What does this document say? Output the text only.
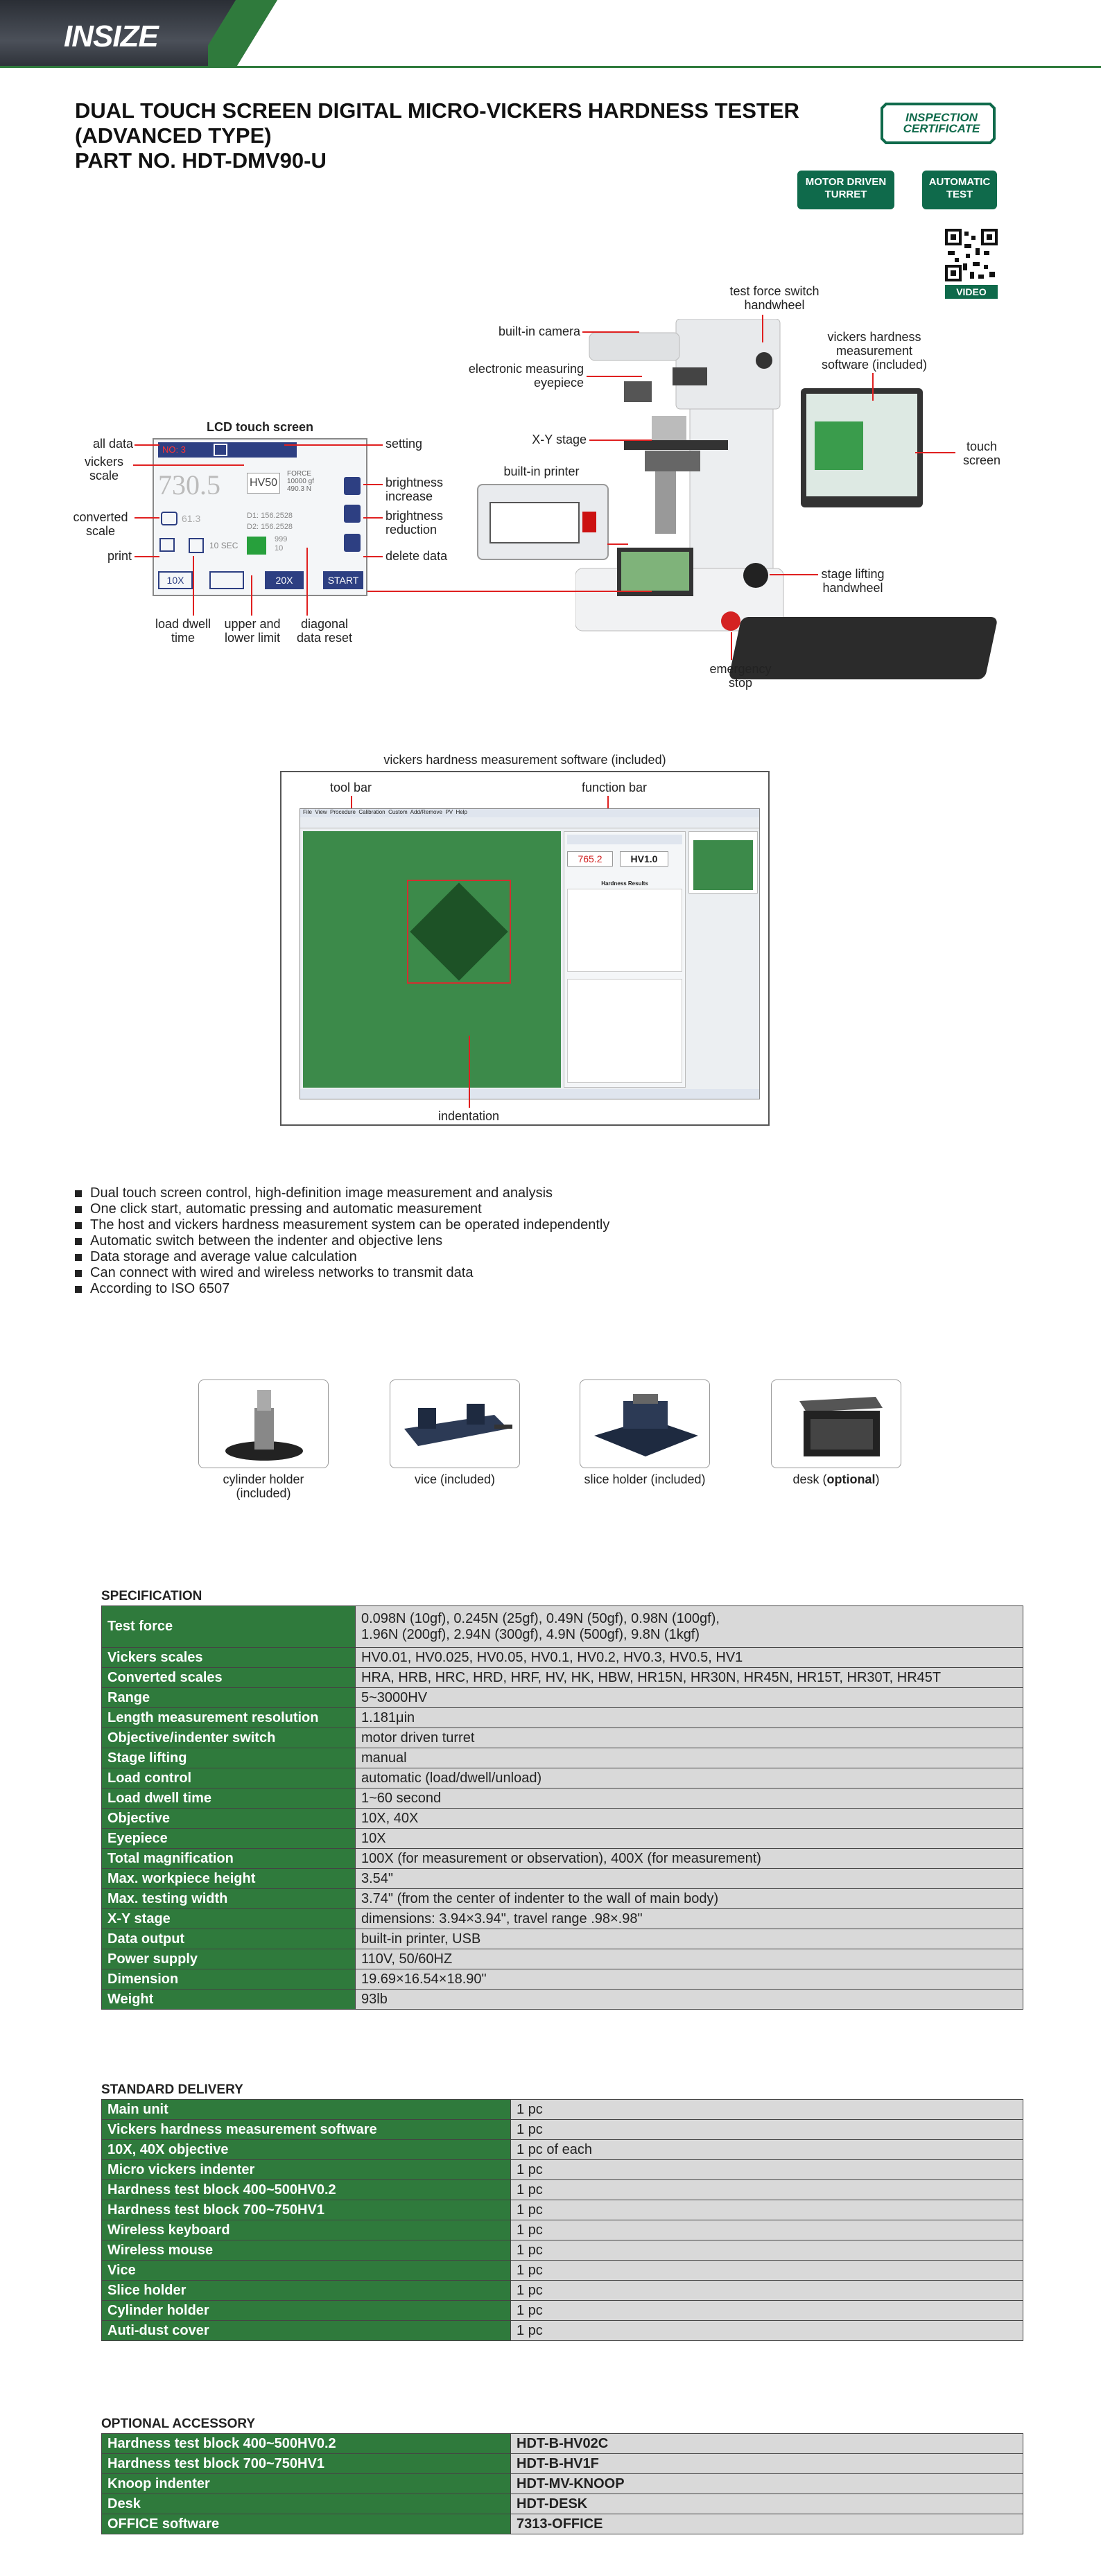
INSIZE
DUAL TOUCH SCREEN DIGITAL MICRO-VICKERS HARDNESS TESTER
(ADVANCED TYPE)
PART NO. HDT-DMV90-U
INSPECTION
CERTIFICATE
MOTOR DRIVEN
TURRET
AUTOMATIC
TEST
VIDEO
test force switch handwheel
built-in camera	vickers hardness measurement software (included)
electronic measuring eyepiece
X-Y stage	touch screen
built-in printer
stage lifting handwheel
emergency stop
LCD touch screen
NO: 3
730.5	HV50
FORCE
10000 gf
490.3 N
61.3	D1: 156.2528
D2: 156.2528
10 SEC
999
10
10X	20X	START
all data
vickers scale
converted scale
print
setting
brightness increase
brightness reduction
delete data
load dwell time
upper and lower limit
diagonal data reset
vickers hardness measurement software (included)
tool bar	function bar
File View Procedure Calibration Custom Add/Remove PV Help
765.2	HV1.0
Hardness Results
indentation
Dual touch screen control, high-definition image measurement and analysis
One click start, automatic pressing and automatic measurement
The host and vickers hardness measurement system can be operated independently
Automatic switch between the indenter and objective lens
Data storage and average value calculation
Can connect with wired and wireless networks to transmit data
According to ISO 6507
cylinder holder
(included)
vice (included)	slice holder (included)	desk (optional)
SPECIFICATION
Test force	0.098N (10gf), 0.245N (25gf), 0.49N (50gf), 0.98N (100gf),
1.96N (200gf), 2.94N (300gf), 4.9N (500gf), 9.8N (1kgf)

Vickers scales	HV0.01, HV0.025, HV0.05, HV0.1, HV0.2, HV0.3, HV0.5, HV1
Converted scales	HRA, HRB, HRC, HRD, HRF, HV, HK, HBW, HR15N, HR30N, HR45N, HR15T, HR30T, HR45T
Range	5~3000HV
Length measurement resolution	1.181μin
Objective/indenter switch	motor driven turret
Stage lifting	manual
Load control	automatic (load/dwell/unload)
Load dwell time	1~60 second
Objective	10X, 40X
Eyepiece	10X
Total magnification	100X (for measurement or observation), 400X (for measurement)
Max. workpiece height	3.54"
Max. testing width	3.74" (from the center of indenter to the wall of main body)
X-Y stage	dimensions: 3.94×3.94", travel range .98×.98"
Data output	built-in printer, USB
Power supply	110V, 50/60HZ
Dimension	19.69×16.54×18.90"
Weight	93lb
STANDARD DELIVERY
Main unit	1 pc
Vickers hardness measurement software	1 pc
10X, 40X objective	1 pc of each
Micro vickers indenter	1 pc
Hardness test block 400~500HV0.2	1 pc
Hardness test block 700~750HV1	1 pc
Wireless keyboard	1 pc
Wireless mouse	1 pc
Vice	1 pc
Slice holder	1 pc
Cylinder holder	1 pc
Auti-dust cover	1 pc
OPTIONAL ACCESSORY
Hardness test block 400~500HV0.2	HDT-B-HV02C
Hardness test block 700~750HV1	HDT-B-HV1F
Knoop indenter	HDT-MV-KNOOP
Desk	HDT-DESK
OFFICE software	7313-OFFICE
